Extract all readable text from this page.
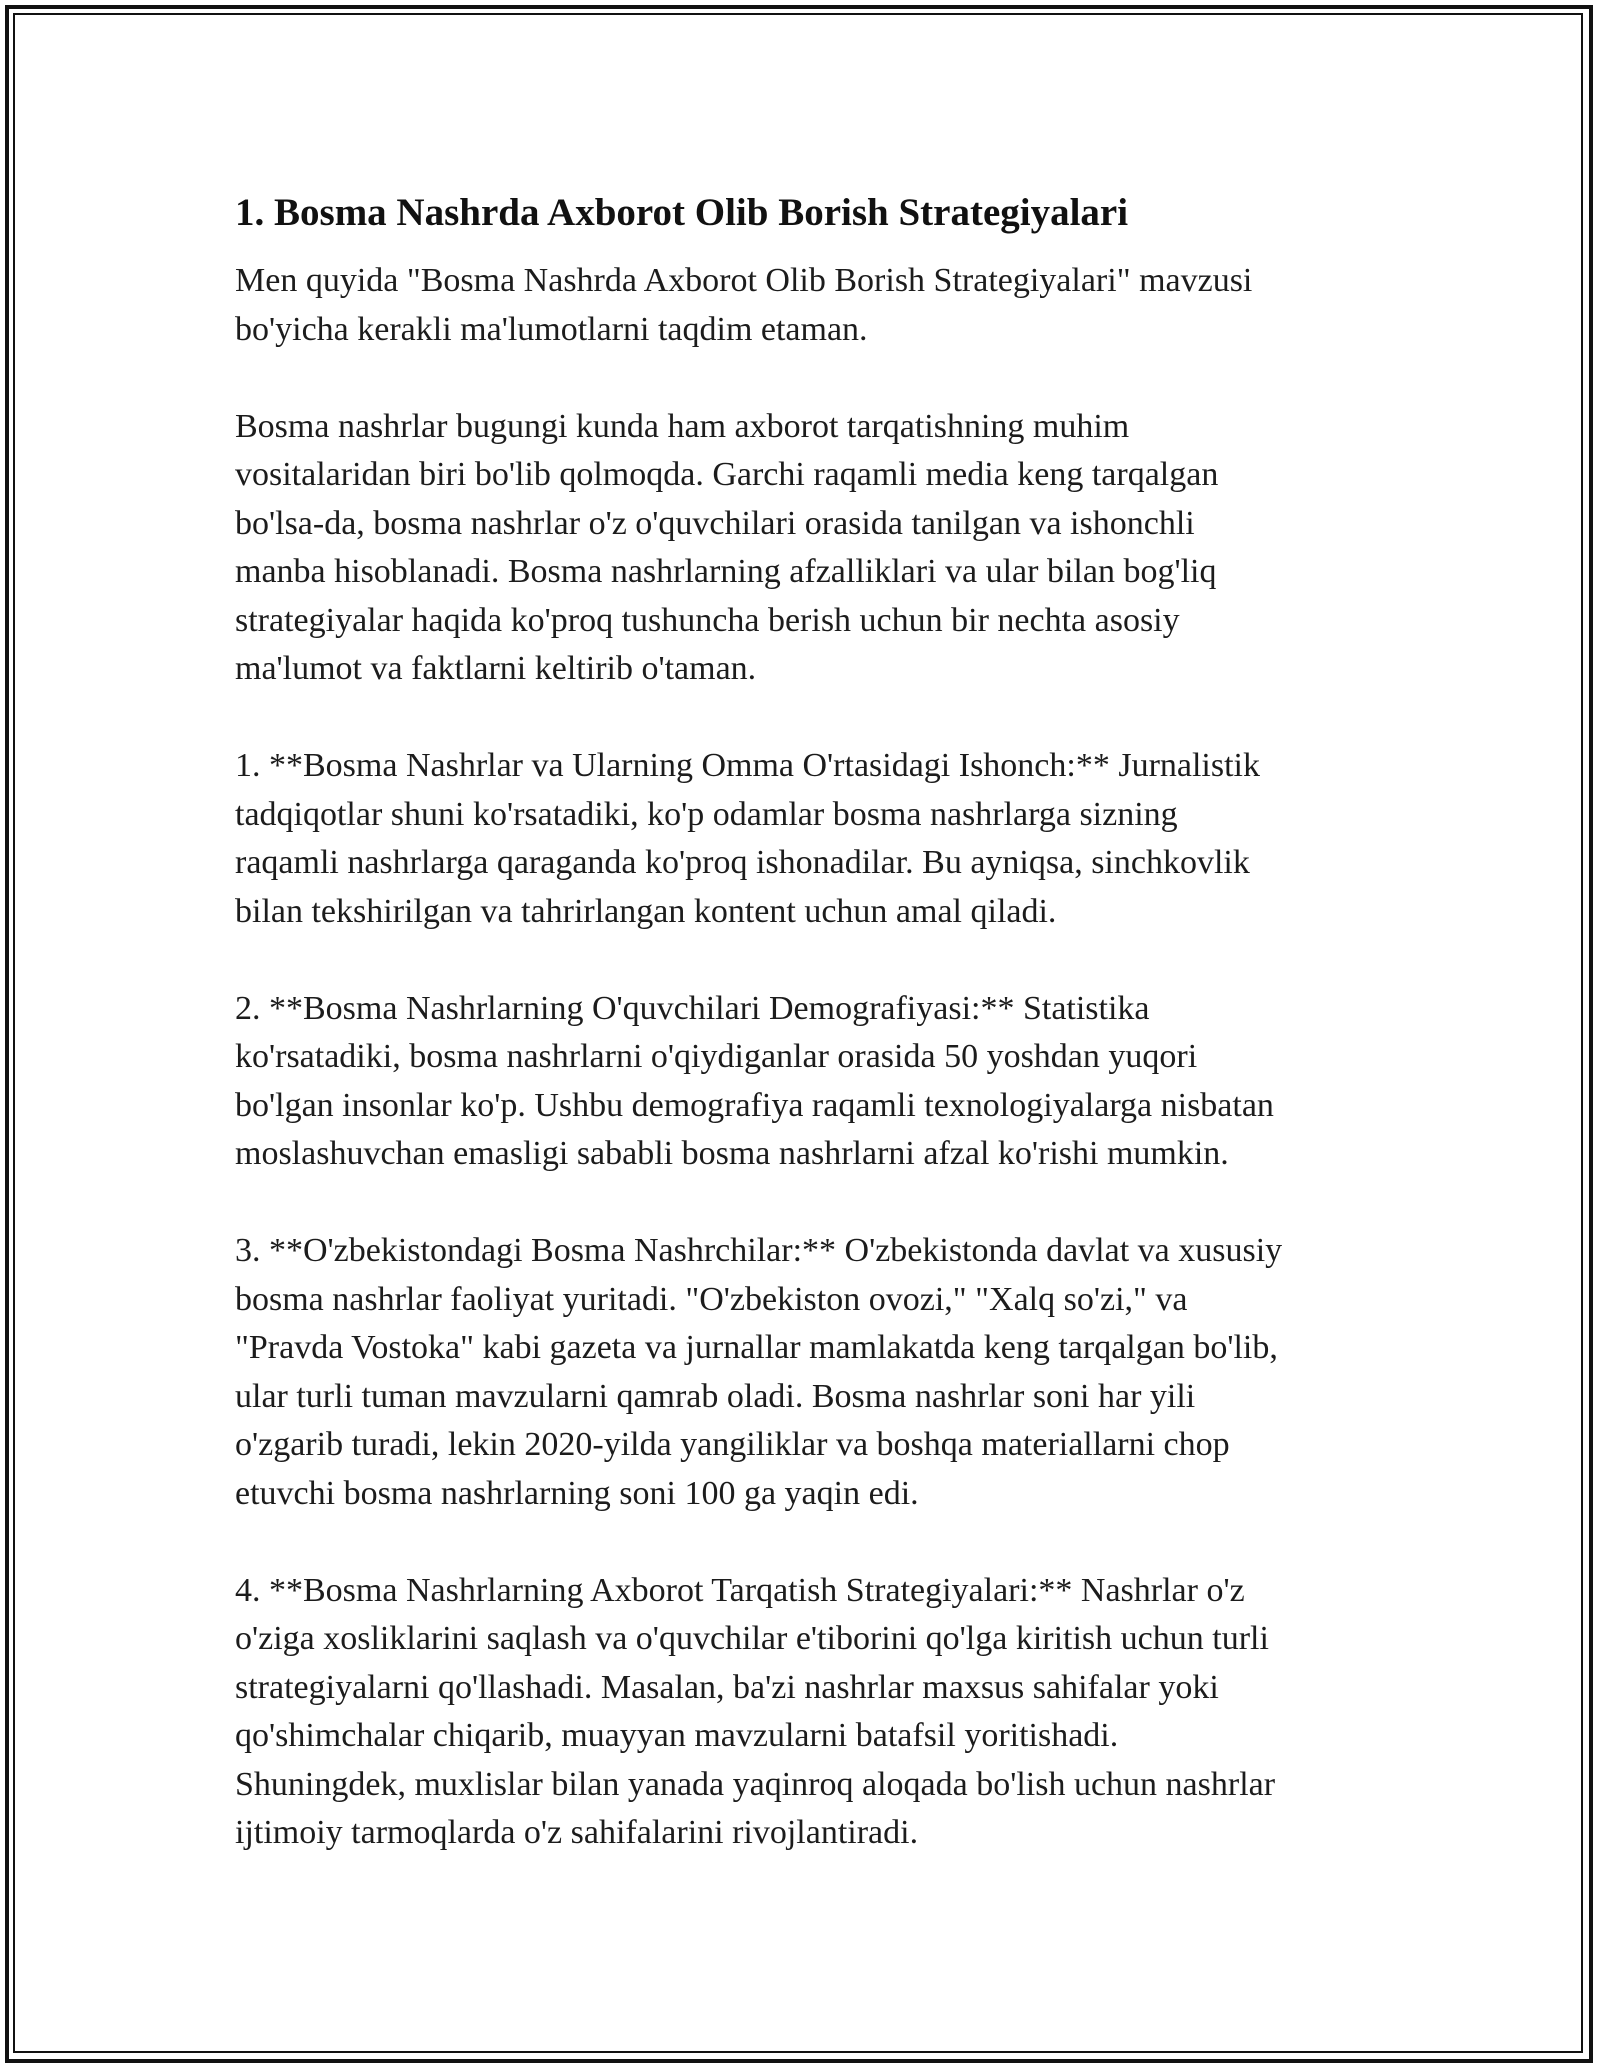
1. Bosma Nashrda Axborot Olib Borish Strategiyalari
Men quyida "Bosma Nashrda Axborot Olib Borish Strategiyalari" mavzusi
bo'yicha kerakli ma'lumotlarni taqdim etaman.
Bosma nashrlar bugungi kunda ham axborot tarqatishning muhim
vositalaridan biri bo'lib qolmoqda. Garchi raqamli media keng tarqalgan
bo'lsa-da, bosma nashrlar o'z o'quvchilari orasida tanilgan va ishonchli
manba hisoblanadi. Bosma nashrlarning afzalliklari va ular bilan bog'liq
strategiyalar haqida ko'proq tushuncha berish uchun bir nechta asosiy
ma'lumot va faktlarni keltirib o'taman.
1. **Bosma Nashrlar va Ularning Omma O'rtasidagi Ishonch:** Jurnalistik
tadqiqotlar shuni ko'rsatadiki, ko'p odamlar bosma nashrlarga sizning
raqamli nashrlarga qaraganda ko'proq ishonadilar. Bu ayniqsa, sinchkovlik
bilan tekshirilgan va tahrirlangan kontent uchun amal qiladi.
2. **Bosma Nashrlarning O'quvchilari Demografiyasi:** Statistika
ko'rsatadiki, bosma nashrlarni o'qiydiganlar orasida 50 yoshdan yuqori
bo'lgan insonlar ko'p. Ushbu demografiya raqamli texnologiyalarga nisbatan
moslashuvchan emasligi sababli bosma nashrlarni afzal ko'rishi mumkin.
3. **O'zbekistondagi Bosma Nashrchilar:** O'zbekistonda davlat va xususiy
bosma nashrlar faoliyat yuritadi. "O'zbekiston ovozi," "Xalq so'zi," va
"Pravda Vostoka" kabi gazeta va jurnallar mamlakatda keng tarqalgan bo'lib,
ular turli tuman mavzularni qamrab oladi. Bosma nashrlar soni har yili
o'zgarib turadi, lekin 2020-yilda yangiliklar va boshqa materiallarni chop
etuvchi bosma nashrlarning soni 100 ga yaqin edi.
4. **Bosma Nashrlarning Axborot Tarqatish Strategiyalari:** Nashrlar o'z
o'ziga xosliklarini saqlash va o'quvchilar e'tiborini qo'lga kiritish uchun turli
strategiyalarni qo'llashadi. Masalan, ba'zi nashrlar maxsus sahifalar yoki
qo'shimchalar chiqarib, muayyan mavzularni batafsil yoritishadi.
Shuningdek, muxlislar bilan yanada yaqinroq aloqada bo'lish uchun nashrlar
ijtimoiy tarmoqlarda o'z sahifalarini rivojlantiradi.
